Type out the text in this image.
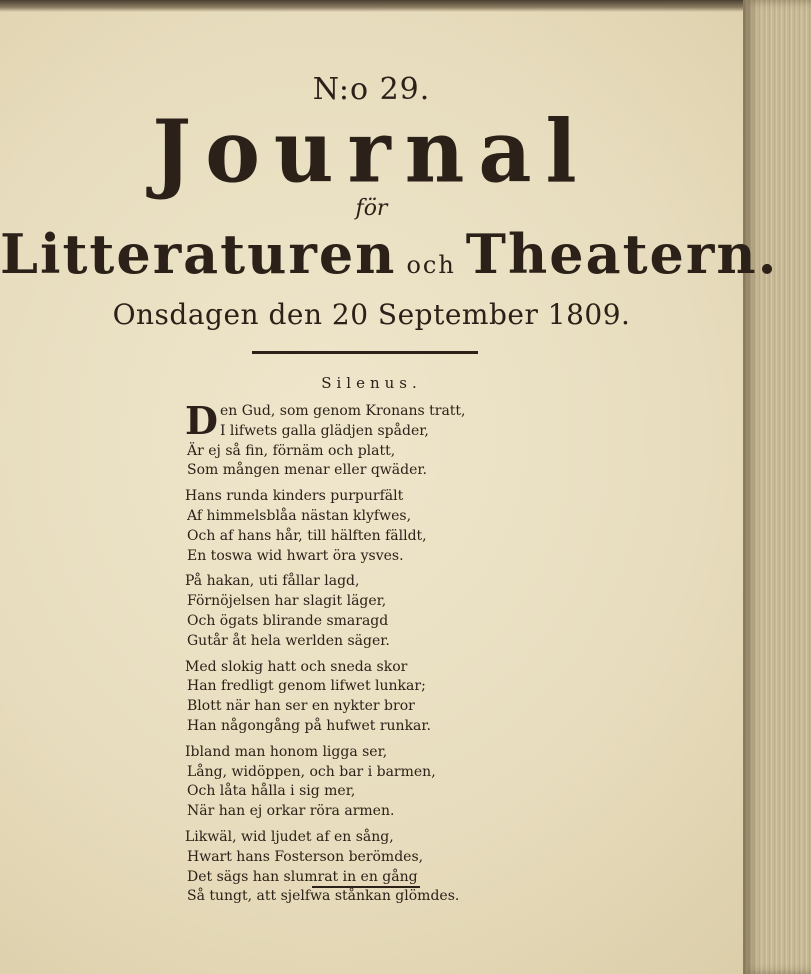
N:o 29.
Journal
för
Litteraturen och Theatern.
Onsdagen den 20 September 1809.
Silenus.
D en Gud, som genom Kronans tratt,
I lifwets galla glädjen spåder,
Är ej så fin, förnäm och platt,
Som mången menar eller qwäder.
Hans runda kinders purpurfält
Af himmelsblåa nästan klyfwes,
Och af hans hår, till hälften fälldt,
En toswa wid hwart öra ysves.
På hakan, uti fållar lagd,
Förnöjelsen har slagit läger,
Och ögats blirande smaragd
Gutår åt hela werlden säger.
Med slokig hatt och sneda skor
Han fredligt genom lifwet lunkar;
Blott när han ser en nykter bror
Han någongång på hufwet runkar.
Ibland man honom ligga ser,
Lång, widöppen, och bar i barmen,
Och låta hålla i sig mer,
När han ej orkar röra armen.
Likwäl, wid ljudet af en sång,
Hwart hans Fosterson berömdes,
Det sägs han slumrat in en gång
Så tungt, att sjelfwa stånkan glömdes.
